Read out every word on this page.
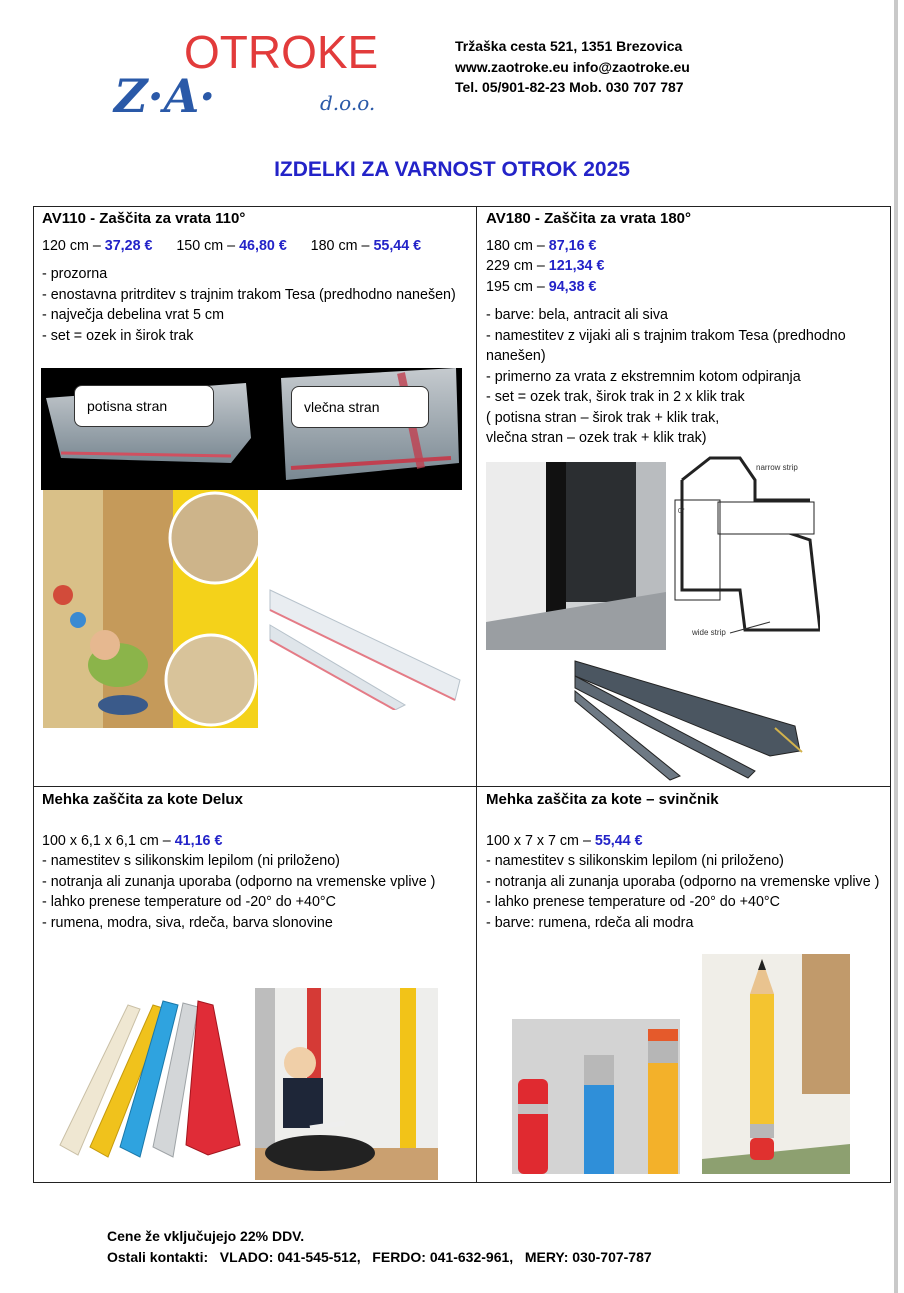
Z·A·
OTROKE
d.o.o.
Tržaška cesta 521, 1351 Brezovica
www.zaotroke.eu info@zaotroke.eu
Tel. 05/901-82-23 Mob. 030 707 787
IZDELKI ZA VARNOST OTROK 2025
AV110 - Zaščita za vrata 110°
120 cm – 37,28 € 150 cm – 46,80 € 180 cm – 55,44 €
- prozorna
- enostavna pritrditev s trajnim trakom Tesa (predhodno nanešen)
- največja debelina vrat 5 cm
- set = ozek in širok trak
potisna stran	vlečna stran
AV180 - Zaščita za vrata 180°
180 cm – 87,16 €
229 cm – 121,34 €
195 cm – 94,38 €
- barve: bela, antracit ali siva
- namestitev z vijaki ali s trajnim trakom Tesa (predhodno nanešen)
- primerno za vrata z ekstremnim kotom odpiranja
- set = ozek trak, širok trak in 2 x klik trak
( potisna stran – širok trak + klik trak,
vlečna stran – ozek trak + klik trak)
narrow strip
wide strip
0°
Mehka zaščita za kote Delux
100 x 6,1 x 6,1 cm – 41,16 €
- namestitev s silikonskim lepilom (ni priloženo)
- notranja ali zunanja uporaba (odporno na vremenske vplive )
- lahko prenese temperature od -20° do +40°C
- rumena, modra, siva, rdeča, barva slonovine
Mehka zaščita za kote – svinčnik
100 x 7 x 7 cm – 55,44 €
- namestitev s silikonskim lepilom (ni priloženo)
- notranja ali zunanja uporaba (odporno na vremenske vplive )
- lahko prenese temperature od -20° do +40°C
- barve: rumena, rdeča ali modra
Cene že vključujejo 22% DDV.
Ostali kontakti:   VLADO: 041-545-512,   FERDO: 041-632-961,   MERY: 030-707-787
